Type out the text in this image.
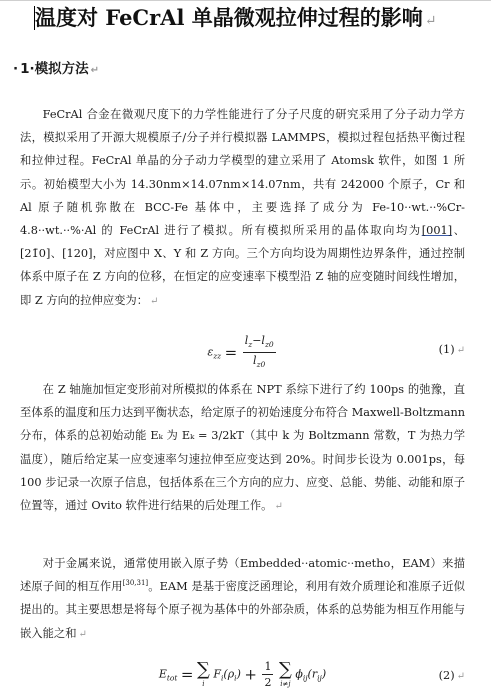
温度对 FeCrAl 单晶微观拉伸过程的影响 ↵
· 1·模拟方法 ↵
FeCrAl 合金在微观尺度下的力学性能进行了分子尺度的研究采用了分子动力学方法，模拟采用了开源大规模原子/分子并行模拟器 LAMMPS，模拟过程包括热平衡过程和拉伸过程。FeCrAl 单晶的分子动力学模型的建立采用了 Atomsk 软件，如图 1 所示。初始模型大小为 14.30nm×14.07nm×14.07nm，共有 242000 个原子，Cr 和 Al 原子随机弥散在 BCC-Fe 基体中，主要选择了成分为 Fe-10··wt.··%Cr-4.8··wt.··%·Al 的 FeCrAl 进行了模拟。所有模拟所采用的晶体取向均为[001]、[21̄0]、[120]，对应图中 X、Y 和 Z 方向。三个方向均设为周期性边界条件，通过控制体系中原子在 Z 方向的位移，在恒定的应变速率下模型沿 Z 轴的应变随时间线性增加，即 Z 方向的拉伸应变为： ↵
$\varepsilon_{zz} = \frac{l_z-l_{z0}}{l_{z0}}$	(1) ↵
在 Z 轴施加恒定变形前对所模拟的体系在 NPT 系综下进行了约 100ps 的弛豫，直至体系的温度和压力达到平衡状态，给定原子的初始速度分布符合 Maxwell-Boltzmann 分布，体系的总初始动能 Eₖ 为 Eₖ = 3/2kT（其中 k 为 Boltzmann 常数，T 为热力学温度），随后给定某一应变速率匀速拉伸至应变达到 20%。时间步长设为 0.001ps，每 100 步记录一次原子信息，包括体系在三个方向的应力、应变、总能、势能、动能和原子位置等，通过 Ovito 软件进行结果的后处理工作。 ↵
对于金属来说，通常使用嵌入原子势（Embedded··atomic··metho，EAM）来描述原子间的相互作用[30,31]。EAM 是基于密度泛函理论，利用有效介质理论和准原子近似提出的。其主要思想是将每个原子视为基体中的外部杂质，体系的总势能为相互作用能与嵌入能之和 ↵
$E_{tot}$ = ∑
i
$F_i(\rho_i) + \frac{1}{2}$
∑
i≠j
$\phi_{ij}(r_{ij})$	(2) ↵
